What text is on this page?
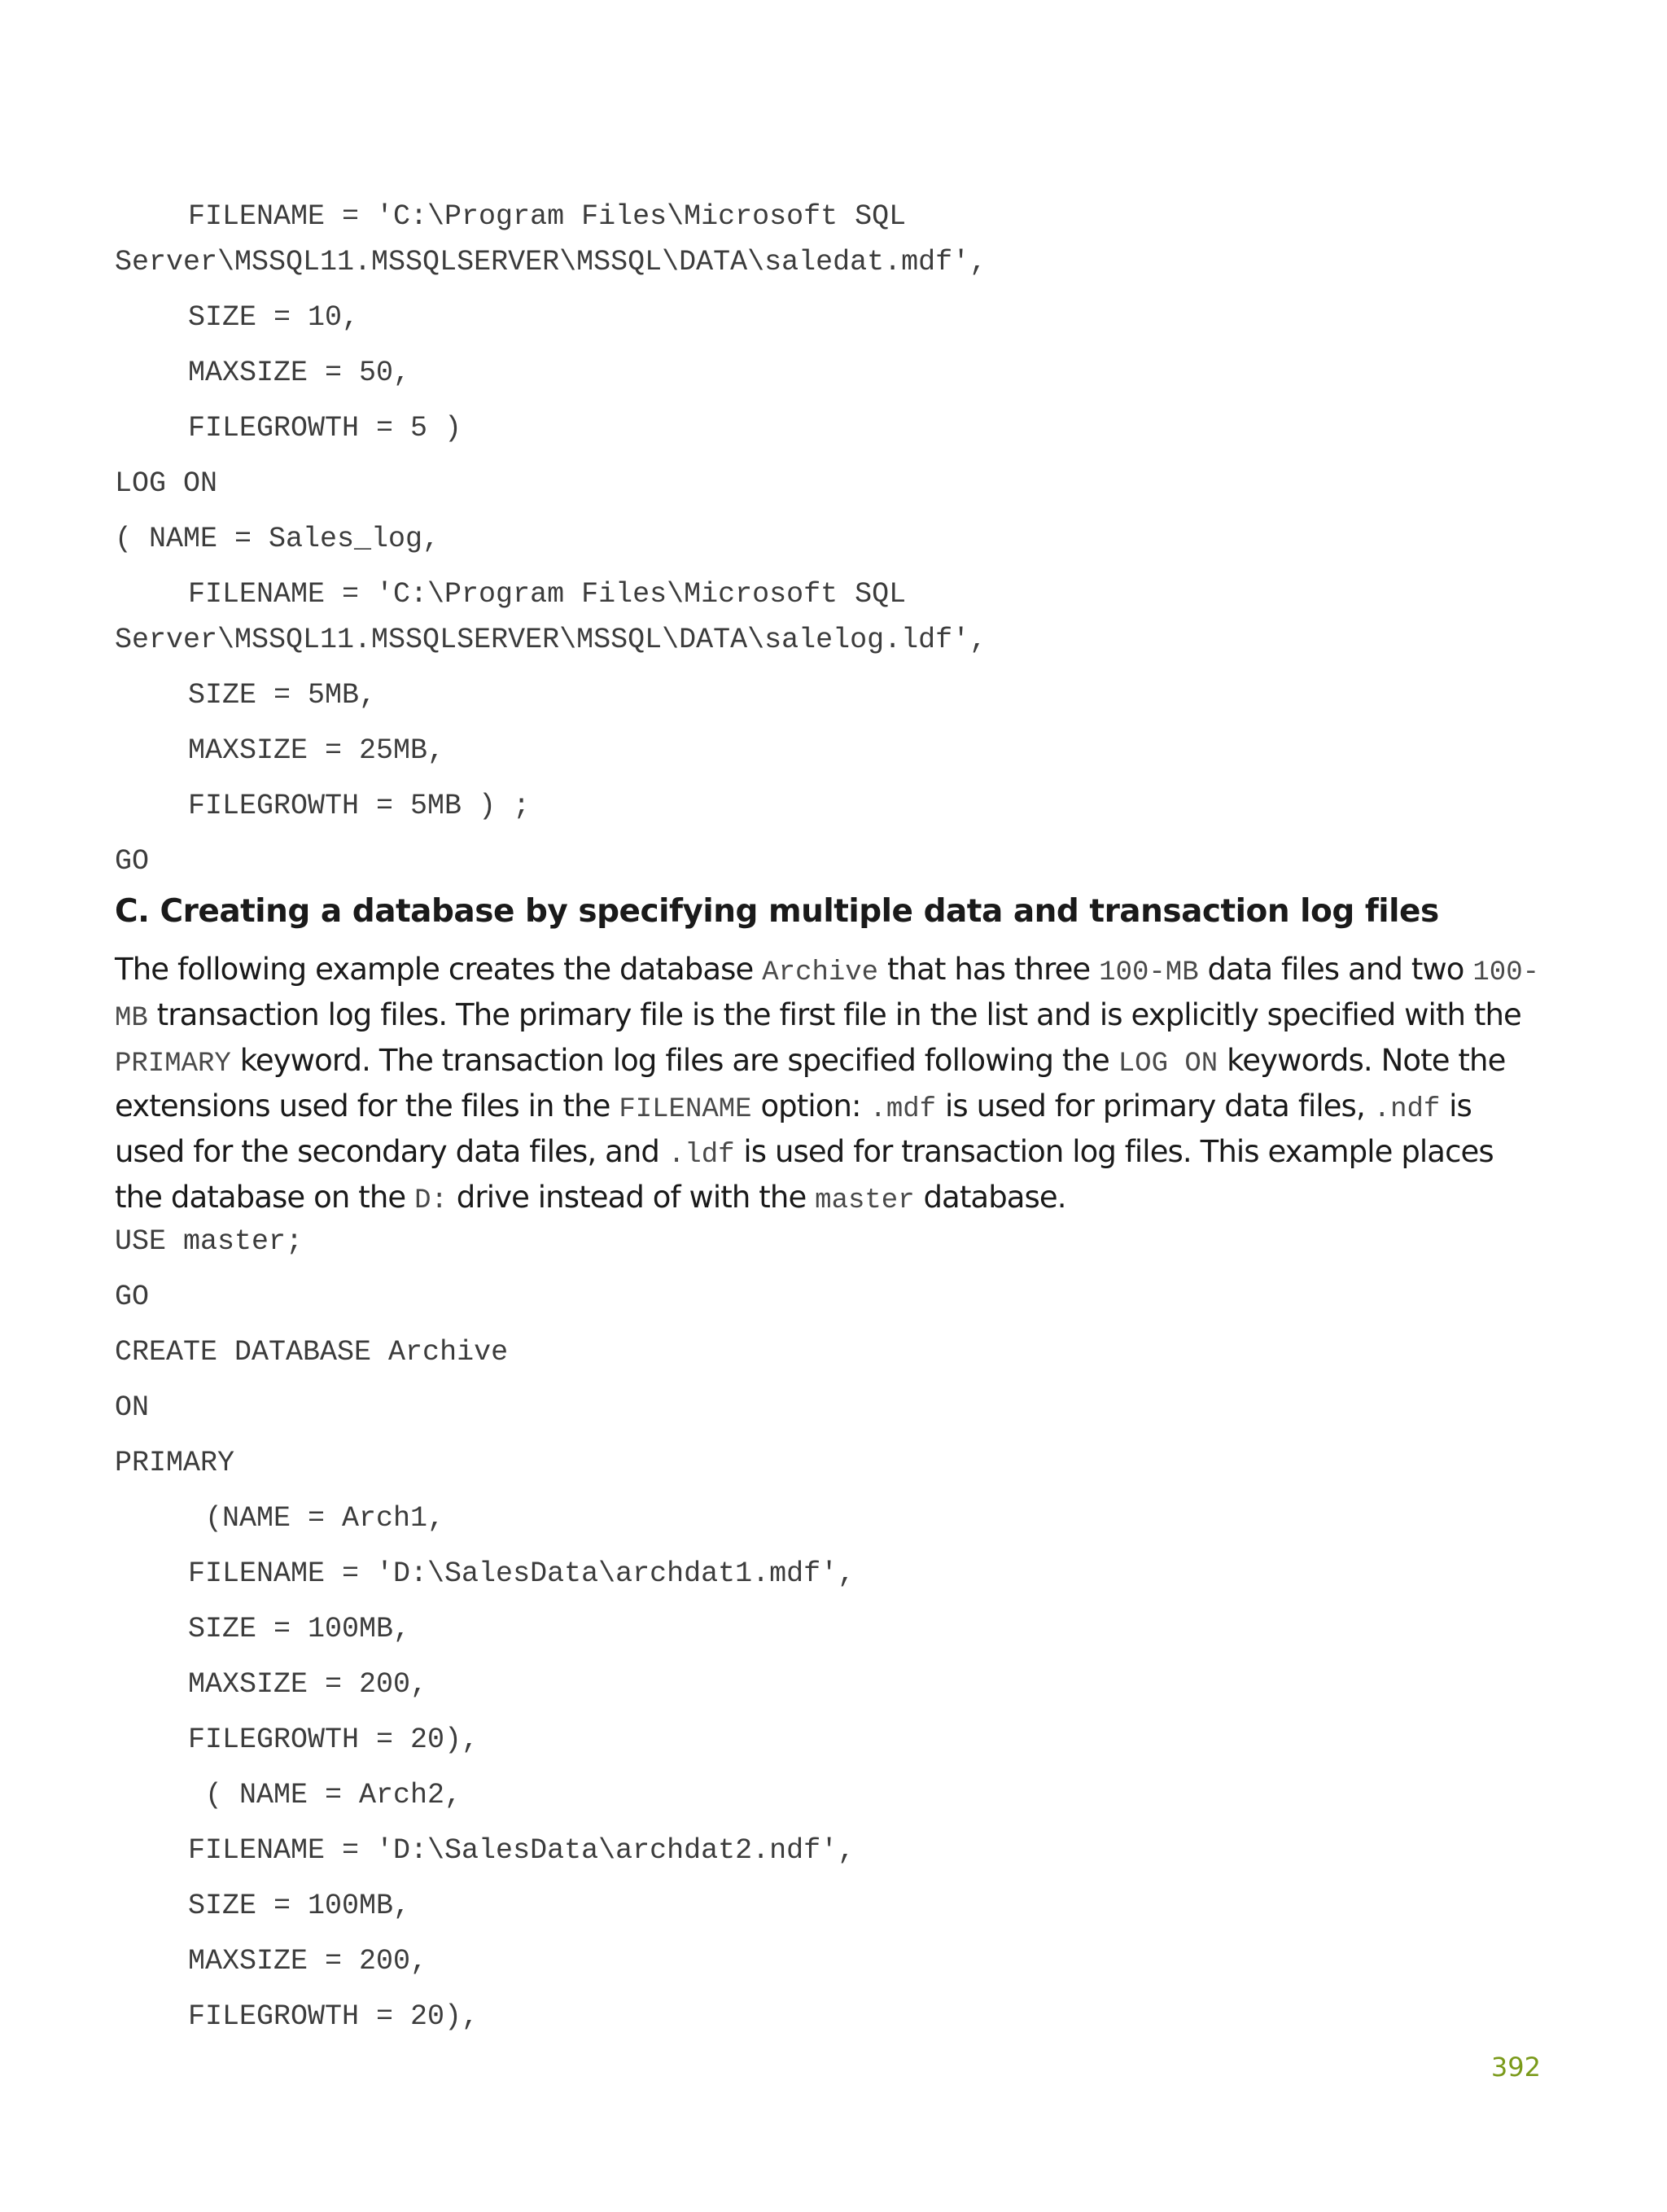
FILENAME = 'C:\Program Files\Microsoft SQL
Server\MSSQL11.MSSQLSERVER\MSSQL\DATA\saledat.mdf',
SIZE = 10,
MAXSIZE = 50,
FILEGROWTH = 5 )
LOG ON
( NAME = Sales_log,
FILENAME = 'C:\Program Files\Microsoft SQL
Server\MSSQL11.MSSQLSERVER\MSSQL\DATA\salelog.ldf',
SIZE = 5MB,
MAXSIZE = 25MB,
FILEGROWTH = 5MB ) ;
GO
C. Creating a database by specifying multiple data and transaction log files

The following example creates the database Archive that has three 100-MB data files and two 100-MB transaction log files. The primary file is the first file in the list and is explicitly specified with the PRIMARY keyword. The transaction log files are specified following the LOG ON keywords. Note the extensions used for the files in the FILENAME option: .mdf is used for primary data files, .ndf is used for the secondary data files, and .ldf is used for transaction log files. This example places the database on the D: drive instead of with the master database.

USE master;
GO
CREATE DATABASE Archive
ON
PRIMARY
(NAME = Arch1,
FILENAME = 'D:\SalesData\archdat1.mdf',
SIZE = 100MB,
MAXSIZE = 200,
FILEGROWTH = 20),
( NAME = Arch2,
FILENAME = 'D:\SalesData\archdat2.ndf',
SIZE = 100MB,
MAXSIZE = 200,
FILEGROWTH = 20),
392
